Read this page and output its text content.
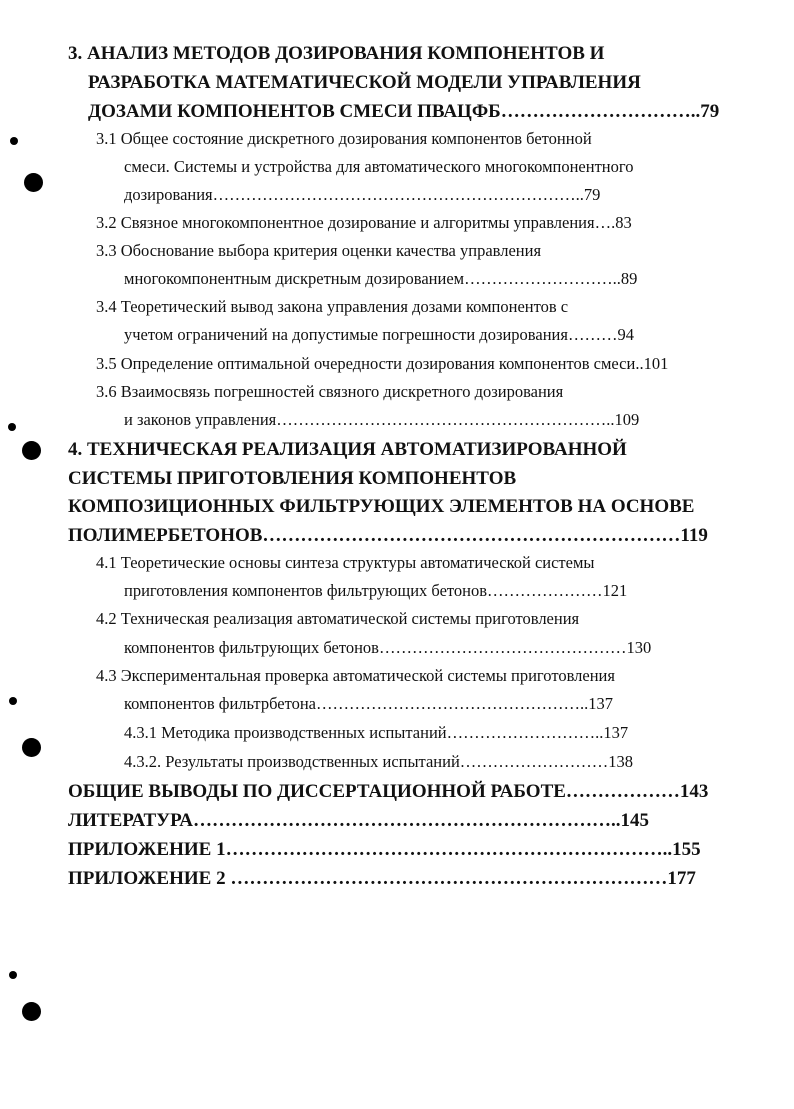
3. АНАЛИЗ МЕТОДОВ ДОЗИРОВАНИЯ КОМПОНЕНТОВ И
РАЗРАБОТКА МАТЕМАТИЧЕСКОЙ МОДЕЛИ УПРАВЛЕНИЯ
ДОЗАМИ КОМПОНЕНТОВ СМЕСИ ПВАЦФБ…………………………..79
3.1 Общее состояние дискретного дозирования компонентов бетонной
смеси. Системы и устройства для автоматического многокомпонентного
дозирования…………………………………………………………..79
3.2 Связное многокомпонентное дозирование и алгоритмы управления….83
3.3 Обоснование выбора критерия оценки качества управления
многокомпонентным дискретным дозированием………………………..89
3.4 Теоретический вывод закона управления дозами компонентов с
учетом ограничений на допустимые погрешности дозирования………94
3.5 Определение оптимальной очередности дозирования компонентов смеси..101
3.6 Взаимосвязь погрешностей связного дискретного дозирования
и законов управления……………………………………………………..109
4. ТЕХНИЧЕСКАЯ РЕАЛИЗАЦИЯ АВТОМАТИЗИРОВАННОЙ
СИСТЕМЫ ПРИГОТОВЛЕНИЯ КОМПОНЕНТОВ
КОМПОЗИЦИОННЫХ ФИЛЬТРУЮЩИХ ЭЛЕМЕНТОВ НА ОСНОВЕ
ПОЛИМЕРБЕТОНОВ…………………………………………………………119
4.1 Теоретические основы синтеза структуры автоматической системы
приготовления компонентов фильтрующих бетонов…………………121
4.2 Техническая реализация автоматической системы приготовления
компонентов фильтрующих бетонов………………………………………130
4.3 Экспериментальная проверка автоматической системы приготовления
компонентов фильтрбетона…………………………………………..137
4.3.1 Методика производственных испытаний………………………..137
4.3.2. Результаты производственных испытаний………………………138
ОБЩИЕ ВЫВОДЫ ПО ДИССЕРТАЦИОННОЙ РАБОТЕ………………143
ЛИТЕРАТУРА…………………………………………………………..145
ПРИЛОЖЕНИЕ 1……………………………………………………………..155
ПРИЛОЖЕНИЕ 2 ……………………………………………………………177
